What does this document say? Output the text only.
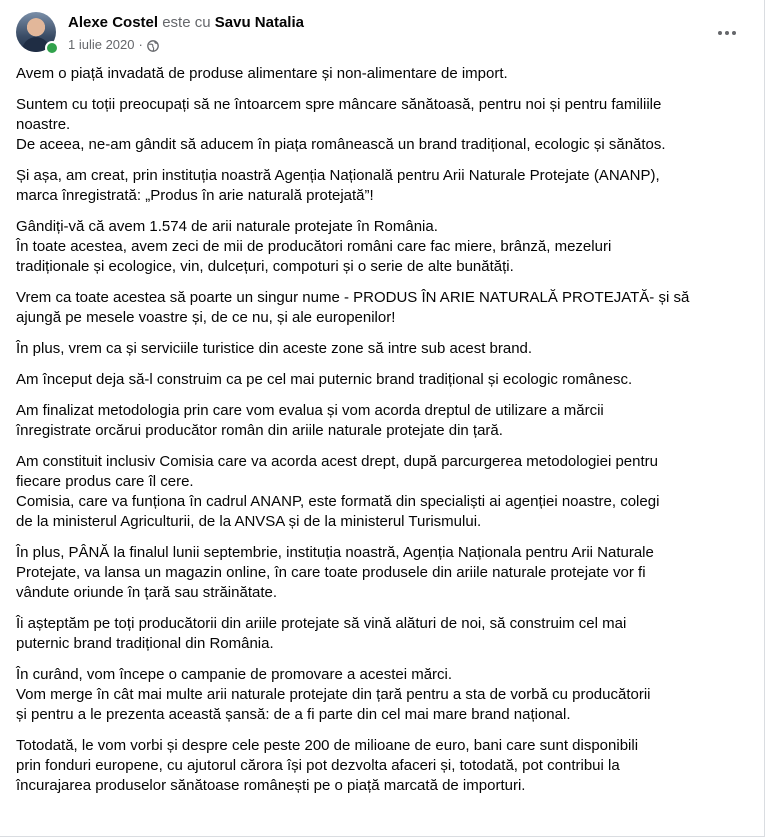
Alexe Costel este cu Savu Natalia
1 iulie 2020 ·

Avem o piață invadată de produse alimentare și non-alimentare de import.

Suntem cu toții preocupați să ne întoarcem spre mâncare sănătoasă, pentru noi și pentru familiile
noastre.
De aceea, ne-am gândit să aducem în piața românească un brand tradițional, ecologic și sănătos.

Și așa, am creat, prin instituția noastră Agenția Națională pentru Arii Naturale Protejate (ANANP),
marca înregistrată: „Produs în arie naturală protejată”!

Gândiți-vă că avem 1.574 de arii naturale protejate în România.
În toate acestea, avem zeci de mii de producători români care fac miere, brânză, mezeluri
tradiționale și ecologice, vin, dulcețuri, compoturi și o serie de alte bunătăți.

Vrem ca toate acestea să poarte un singur nume - PRODUS ÎN ARIE NATURALĂ PROTEJATĂ- și să
ajungă pe mesele voastre și, de ce nu, și ale europenilor!

În plus, vrem ca și serviciile turistice din aceste zone să intre sub acest brand.

Am început deja să-l construim ca pe cel mai puternic brand tradițional și ecologic românesc.

Am finalizat metodologia prin care vom evalua și vom acorda dreptul de utilizare a mărcii
înregistrate orcărui producător român din ariile naturale protejate din țară.

Am constituit inclusiv Comisia care va acorda acest drept, după parcurgerea metodologiei pentru
fiecare produs care îl cere.
Comisia, care va funționa în cadrul ANANP, este formată din specialiști ai agenției noastre, colegi
de la ministerul Agriculturii, de la ANVSA și de la ministerul Turismului.

În plus, PÂNĂ la finalul lunii septembrie, instituția noastră, Agenția Naționala pentru Arii Naturale
Protejate, va lansa un magazin online, în care toate produsele din ariile naturale protejate vor fi
vândute oriunde în țară sau străinătate.

Îi așteptăm pe toți producătorii din ariile protejate să vină alături de noi, să construim cel mai
puternic brand tradițional din România.

În curând, vom începe o campanie de promovare a acestei mărci.
Vom merge în cât mai multe arii naturale protejate din țară pentru a sta de vorbă cu producătorii
și pentru a le prezenta această șansă: de a fi parte din cel mai mare brand național.

Totodată, le vom vorbi și despre cele peste 200 de milioane de euro, bani care sunt disponibili
prin fonduri europene, cu ajutorul cărora își pot dezvolta afaceri și, totodată, pot contribui la
încurajarea produselor sănătoase românești pe o piață marcată de importuri.
